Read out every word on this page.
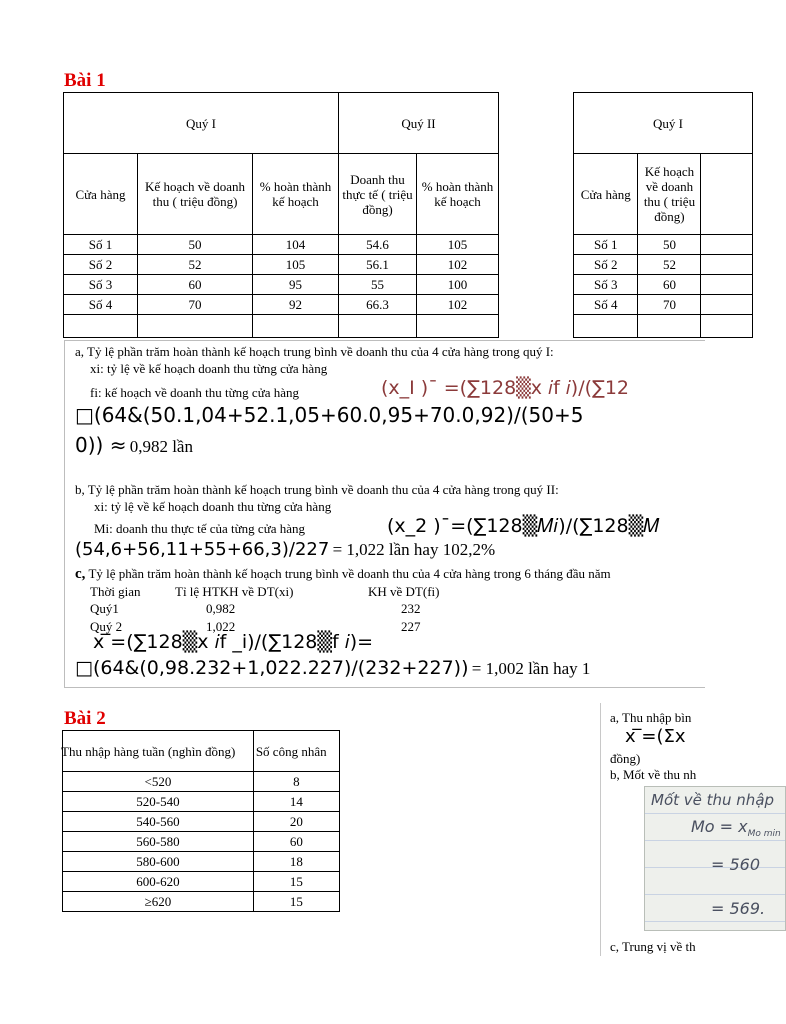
Bài 1
Quý I			Quý II	
Cửa hàng	Kế hoạch về doanh thu ( triệu đồng)	% hoàn thành kế hoạch	Doanh thu thực tế ( triệu đồng)	% hoàn thành kế hoạch
Số 1	50	104	54.6	105
Số 2	52	105	56.1	102
Số 3	60	95	55	100
Số 4	70	92	66.3	102

Quý I		
Cửa hàng	Kế hoạch về doanh thu ( triệu đồng)	
Số 1	50	
Số 2	52	
Số 3	60	
Số 4	70	

a, Tỷ lệ phần trăm hoàn thành kế hoạch trung bình về doanh thu của 4 cửa hàng trong quý I:
xi: tỷ lệ về kế hoạch doanh thu từng cửa hàng
fi: kế hoạch về doanh thu từng cửa hàng	(x_I )¯ =(∑128▒x 𝑖f 𝑖)/(∑12
□(64&(50.1,04+52.1,05+60.0,95+70.0,92)/(50+5
0)) ≈ 0,982 lần
b, Tỷ lệ phần trăm hoàn thành kế hoạch trung bình về doanh thu của 4 cửa hàng trong quý II:
xi: tỷ lệ về kế hoạch doanh thu từng cửa hàng
Mi: doanh thu thực tế của từng cửa hàng	(x_2 )¯=(∑128▒𝑀𝑖)/(∑128▒𝑀
(54,6+56,11+55+66,3)/227 = 1,022 lần hay 102,2%
c, Tỷ lệ phần trăm hoàn thành kế hoạch trung bình về doanh thu của 4 cửa hàng trong 6 tháng đầu năm
Thời gian	Tỉ lệ HTKH về DT(xi)	KH về DT(fi)
Quý1	0,982	232
Quý 2	1,022	227
x ̅=(∑128▒x 𝑖f _i)/(∑128▒f 𝑖)=
□(64&(0,98.232+1,022.227)/(232+227)) = 1,002 lần hay 1
Bài 2
Thu nhập hàng tuần (nghìn đồng)	Số công nhân
<520	8
520-540	14
540-560	20
560-580	60
580-600	18
600-620	15
≥620	15
a, Thu nhập bìn
x ̅=(Σx
đồng)
b, Mốt về thu nh
Mốt về thu nhập
$Mo = x_{Mo min}$
= 560
= 569.
c, Trung vị về th
